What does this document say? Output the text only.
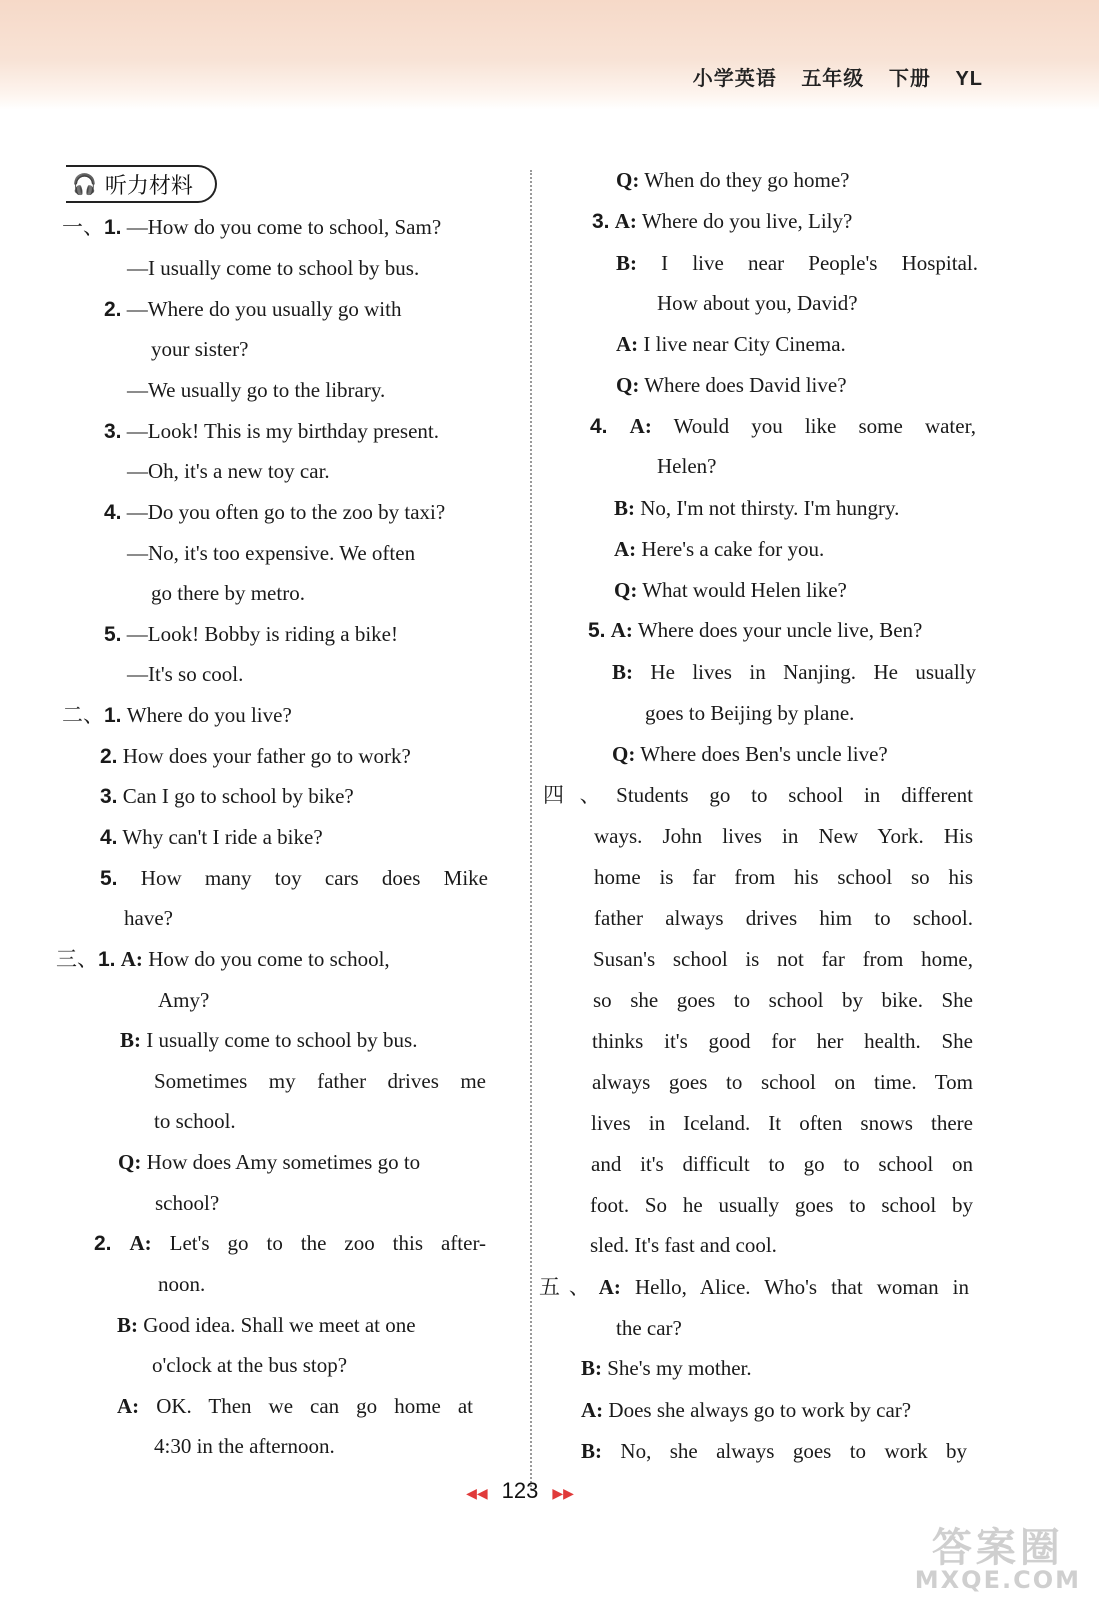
小学英语 五年级 下册 YL
🎧 听力材料
一、1. —How do you come to school, Sam?
—I usually come to school by bus.
2. —Where do you usually go with
your sister?
—We usually go to the library.
3. —Look! This is my birthday present.
—Oh, it's a new toy car.
4. —Do you often go to the zoo by taxi?
—No, it's too expensive. We often
go there by metro.
5. —Look! Bobby is riding a bike!
—It's so cool.
二、1. Where do you live?
2. How does your father go to work?
3. Can I go to school by bike?
4. Why can't I ride a bike?
5. How many toy cars does Mike
have?
三、1. A: How do you come to school,
Amy?
B: I usually come to school by bus.
Sometimes my father drives me
to school.
Q: How does Amy sometimes go to
school?
2. A: Let's go to the zoo this after-
noon.
B: Good idea. Shall we meet at one
o'clock at the bus stop?
A: OK. Then we can go home at
4:30 in the afternoon.
Q: When do they go home?
3. A: Where do you live, Lily?
B: I live near People's Hospital.
How about you, David?
A: I live near City Cinema.
Q: Where does David live?
4. A: Would you like some water,
Helen?
B: No, I'm not thirsty. I'm hungry.
A: Here's a cake for you.
Q: What would Helen like?
5. A: Where does your uncle live, Ben?
B: He lives in Nanjing. He usually
goes to Beijing by plane.
Q: Where does Ben's uncle live?
四、Students go to school in different
ways. John lives in New York. His
home is far from his school so his
father always drives him to school.
Susan's school is not far from home,
so she goes to school by bike. She
thinks it's good for her health. She
always goes to school on time. Tom
lives in Iceland. It often snows there
and it's difficult to go to school on
foot. So he usually goes to school by
sled. It's fast and cool.
五、A: Hello, Alice. Who's that woman in
the car?
B: She's my mother.
A: Does she always go to work by car?
B: No, she always goes to work by
◀◀ 123 ▶▶
答案圈
MXQE.COM
